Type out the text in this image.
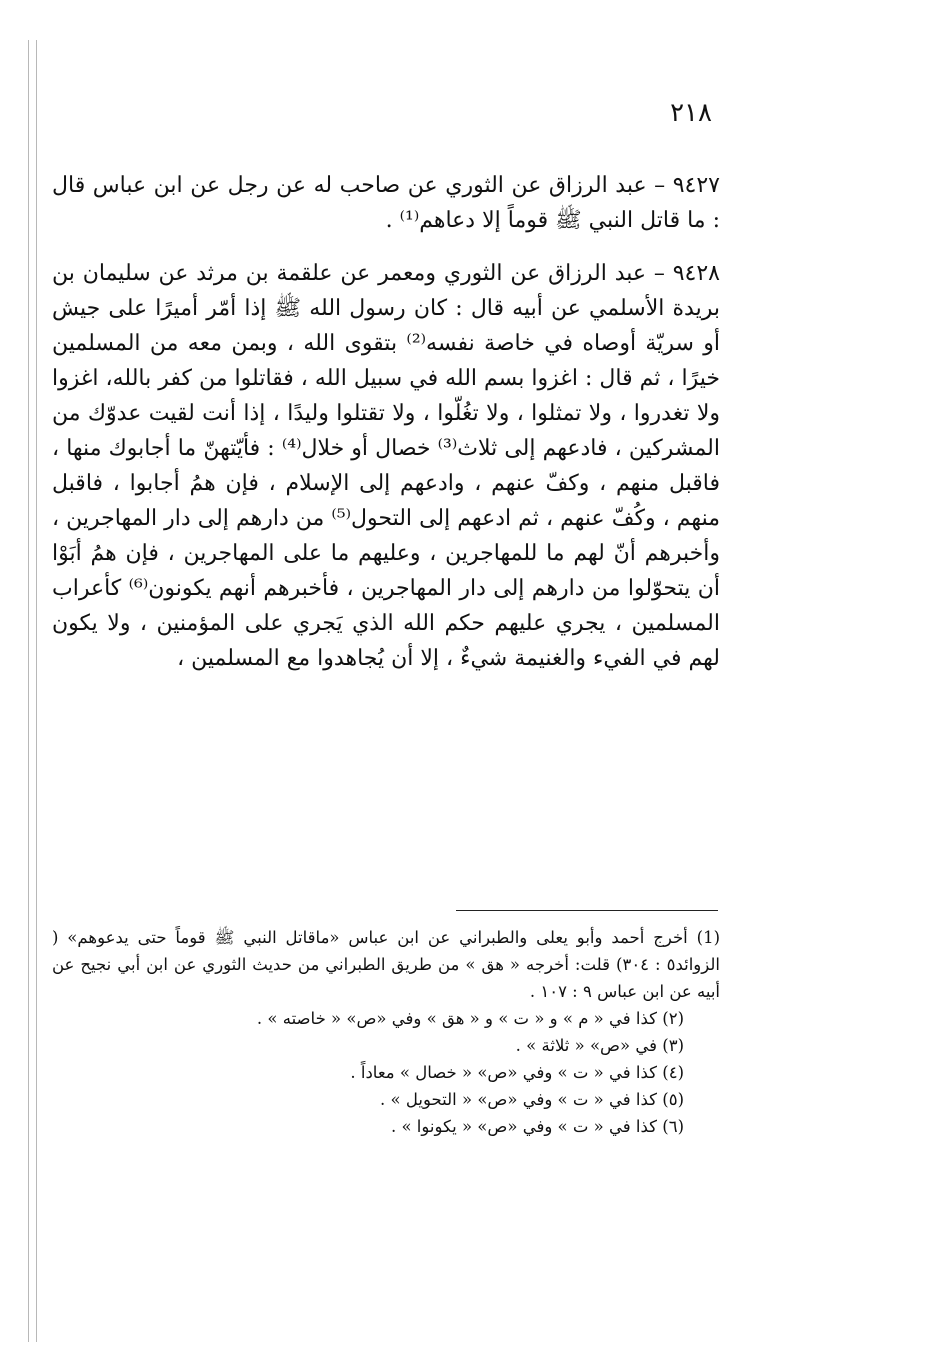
٢١٨

٩٤٢٧ – عبد الرزاق عن الثوري عن صاحب له عن رجل عن ابن عباس قال : ما قاتل النبي ﷺ قوماً إلا دعاهم⁽¹⁾ .

٩٤٢٨ – عبد الرزاق عن الثوري ومعمر عن علقمة بن مرثد عن سليمان بن بريدة الأسلمي عن أبيه قال : كان رسول الله ﷺ إذا أمّر أميرًا على جيش أو سريّة أوصاه في خاصة نفسه⁽²⁾ بتقوى الله ، وبمن معه من المسلمين خيرًا ، ثم قال : اغزوا بسم الله في سبيل الله ، فقاتلوا من كفر بالله، اغزوا ولا تغدروا ، ولا تمثلوا ، ولا تغُلّوا ، ولا تقتلوا وليدًا ، إذا أنت لقيت عدوّك من المشركين ، فادعهم إلى ثلاث⁽³⁾ خصال أو خلال⁽⁴⁾ : فأيّتهنّ ما أجابوك منها ، فاقبل منهم ، وكفّ عنهم ، وادعهم إلى الإسلام ، فإن همُ أجابوا ، فاقبل منهم ، وكُفّ عنهم ، ثم ادعهم إلى التحول⁽⁵⁾ من دارهم إلى دار المهاجرين ، وأخبرهم أنّ لهم ما للمهاجرين ، وعليهم ما على المهاجرين ، فإن همُ أبَوْا أن يتحوّلوا من دارهم إلى دار المهاجرين ، فأخبرهم أنهم يكونون⁽⁶⁾ كأعراب المسلمين ، يجري عليهم حكم الله الذي يَجري على المؤمنين ، ولا يكون لهم في الفيء والغنيمة شيءٌ ، إلا أن يُجاهدوا مع المسلمين ،

(1) أخرج أحمد وأبو يعلى والطبراني عن ابن عباس «ماقاتل النبي ﷺ قوماً حتى يدعوهم» ( الزوائد٥ : ٣٠٤) قلت: أخرجه « هق » من طريق الطبراني من حديث الثوري عن ابن أبي نجيح عن أبيه عن ابن عباس ٩ : ١٠٧ .

(٢) كذا في « م » و « ت » و « هق » وفي «ص» « خاصته » .

(٣) في «ص» « ثلاثة » .

(٤) كذا في « ت » وفي «ص» « خصال » معاداً .

(٥) كذا في « ت » وفي «ص» « التحويل » .

(٦) كذا في « ت » وفي «ص» « يكونوا » .
